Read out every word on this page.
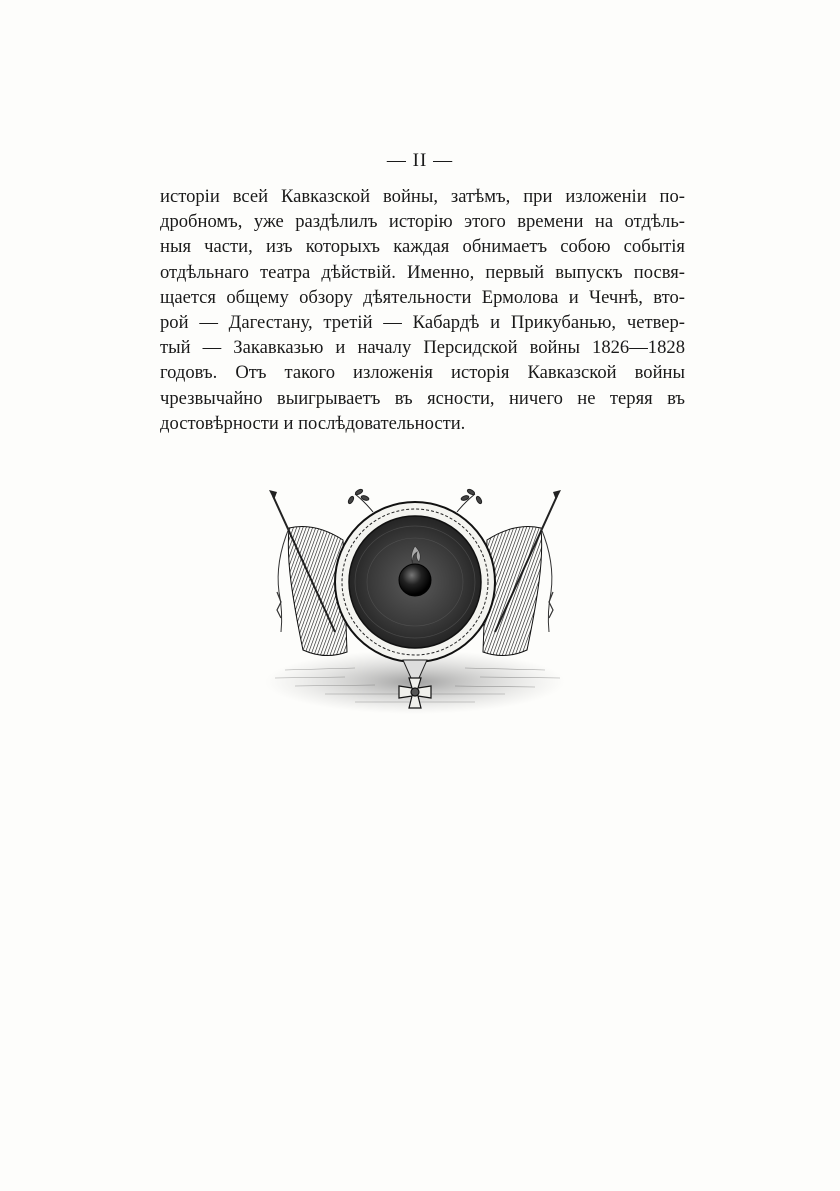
— II —
исторіи всей Кавказской войны, затѣмъ, при изложеніи по-
дробномъ, уже раздѣлилъ исторію этого времени на отдѣль-
ныя части, изъ которыхъ каждая обнимаетъ собою событія
отдѣльнаго театра дѣйствій. Именно, первый выпускъ посвя-
щается общему обзору дѣятельности Ермолова и Чечнѣ, вто-
рой — Дагестану, третій — Кабардѣ и Прикубанью, четвер-
тый — Закавказью и началу Персидской войны 1826—1828
годовъ. Отъ такого изложенія исторія Кавказской войны
чрезвычайно выигрываетъ въ ясности, ничего не теряя въ
достовѣрности и послѣдовательности.
